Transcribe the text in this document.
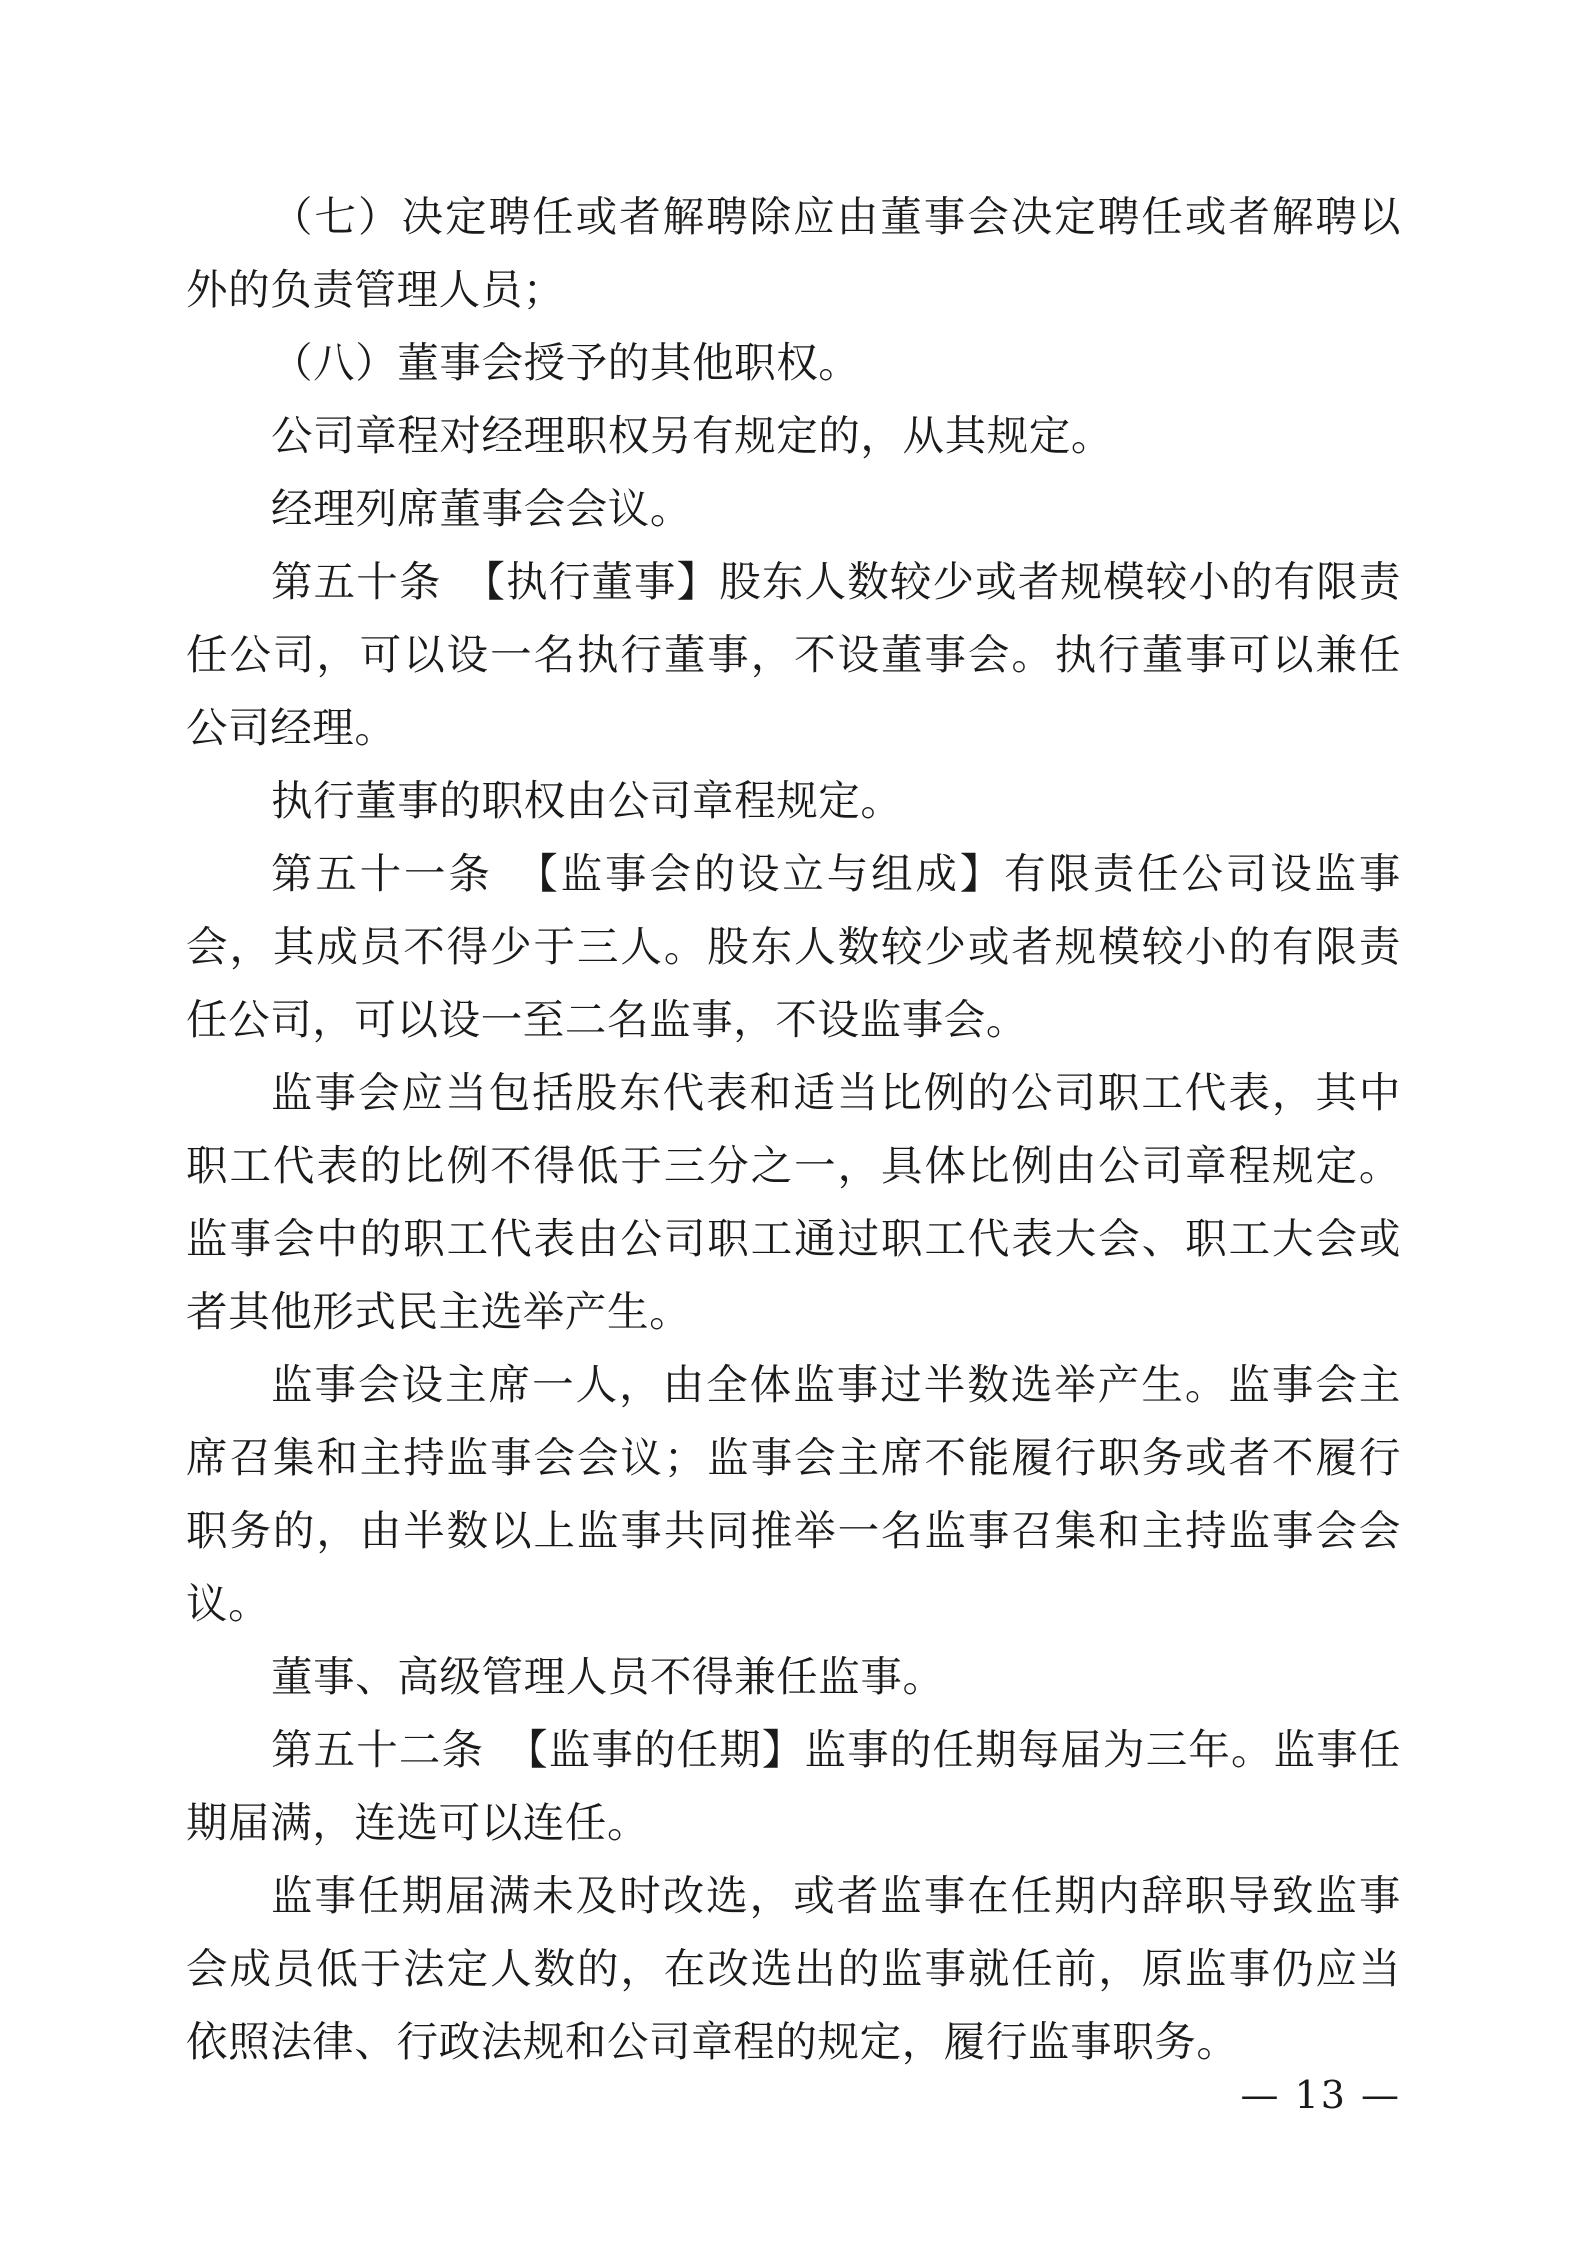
（七）决定聘任或者解聘除应由董事会决定聘任或者解聘以外的负责管理人员；

（八）董事会授予的其他职权。

公司章程对经理职权另有规定的，从其规定。

经理列席董事会会议。

第五十条　【执行董事】股东人数较少或者规模较小的有限责任公司，可以设一名执行董事，不设董事会。执行董事可以兼任公司经理。

执行董事的职权由公司章程规定。

第五十一条　【监事会的设立与组成】有限责任公司设监事会，其成员不得少于三人。股东人数较少或者规模较小的有限责任公司，可以设一至二名监事，不设监事会。

监事会应当包括股东代表和适当比例的公司职工代表，其中职工代表的比例不得低于三分之一，具体比例由公司章程规定。监事会中的职工代表由公司职工通过职工代表大会、职工大会或者其他形式民主选举产生。

监事会设主席一人，由全体监事过半数选举产生。监事会主席召集和主持监事会会议；监事会主席不能履行职务或者不履行职务的，由半数以上监事共同推举一名监事召集和主持监事会会议。

董事、高级管理人员不得兼任监事。

第五十二条　【监事的任期】监事的任期每届为三年。监事任期届满，连选可以连任。

监事任期届满未及时改选，或者监事在任期内辞职导致监事会成员低于法定人数的，在改选出的监事就任前，原监事仍应当依照法律、行政法规和公司章程的规定，履行监事职务。

— 13 —
